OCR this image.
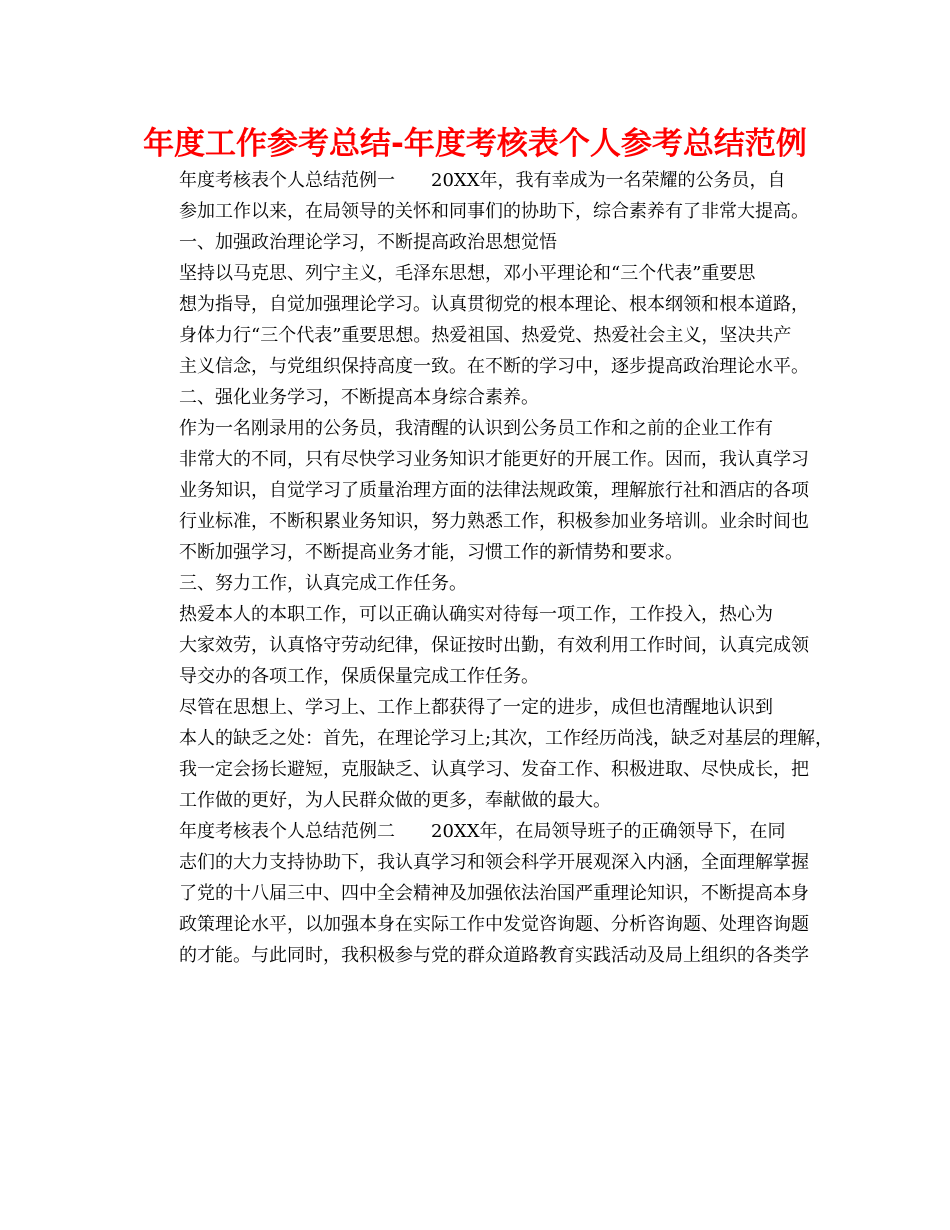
年度工作参考总结-年度考核表个人参考总结范例

年度考核表个人总结范例一 20XX年，我有幸成为一名荣耀的公务员，自
参加工作以来，在局领导的关怀和同事们的协助下，综合素养有了非常大提高。

一、加强政治理论学习，不断提高政治思想觉悟

坚持以马克思、列宁主义，毛泽东思想，邓小平理论和“三个代表”重要思
想为指导，自觉加强理论学习。认真贯彻党的根本理论、根本纲领和根本道路，
身体力行“三个代表”重要思想。热爱祖国、热爱党、热爱社会主义，坚决共产
主义信念，与党组织保持高度一致。在不断的学习中，逐步提高政治理论水平。

二、强化业务学习，不断提高本身综合素养。

作为一名刚录用的公务员，我清醒的认识到公务员工作和之前的企业工作有
非常大的不同，只有尽快学习业务知识才能更好的开展工作。因而，我认真学习
业务知识，自觉学习了质量治理方面的法律法规政策，理解旅行社和酒店的各项
行业标准，不断积累业务知识，努力熟悉工作，积极参加业务培训。业余时间也
不断加强学习，不断提高业务才能，习惯工作的新情势和要求。

三、努力工作，认真完成工作任务。

热爱本人的本职工作，可以正确认确实对待每一项工作，工作投入，热心为
大家效劳，认真恪守劳动纪律，保证按时出勤，有效利用工作时间，认真完成领
导交办的各项工作，保质保量完成工作任务。

尽管在思想上、学习上、工作上都获得了一定的进步，成但也清醒地认识到
本人的缺乏之处：首先，在理论学习上;其次，工作经历尚浅，缺乏对基层的理解，
我一定会扬长避短，克服缺乏、认真学习、发奋工作、积极进取、尽快成长，把
工作做的更好，为人民群众做的更多，奉献做的最大。

年度考核表个人总结范例二 20XX年，在局领导班子的正确领导下，在同
志们的大力支持协助下，我认真学习和领会科学开展观深入内涵，全面理解掌握
了党的十八届三中、四中全会精神及加强依法治国严重理论知识，不断提高本身
政策理论水平，以加强本身在实际工作中发觉咨询题、分析咨询题、处理咨询题
的才能。与此同时，我积极参与党的群众道路教育实践活动及局上组织的各类学
